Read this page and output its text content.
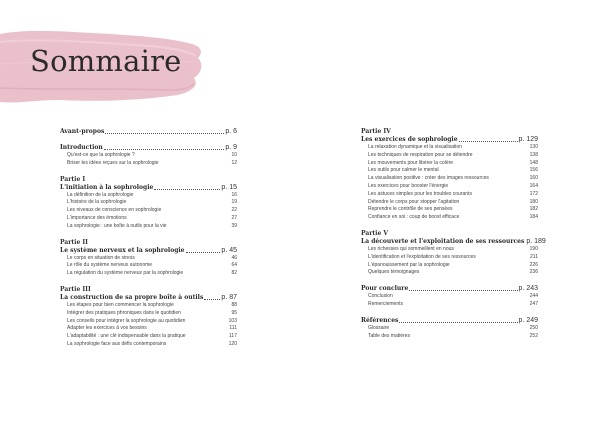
Sommaire
Avant-propos	p. 6
Introduction	p. 9
Qu'est-ce que la sophrologie ?	10
Briser les idées reçues sur la sophrologie	12
Partie I
L'initiation à la sophrologie	p. 15
La définition de la sophrologie	16
L'histoire de la sophrologie	19
Les niveaux de conscience en sophrologie	22
L'importance des émotions	27
La sophrologie : une boîte à outils pour la vie	39
Partie II
Le système nerveux et la sophrologie	p. 45
Le corps en situation de stress	46
Le rôle du système nerveux autonome	64
La régulation du système nerveux par la sophrologie	82
Partie III
La construction de sa propre boîte à outils	p. 87
Les étapes pour bien commencer la sophrologie	88
Intégrer des pratiques phroniques dans le quotidien	95
Les conseils pour intégrer la sophrologie au quotidien	103
Adapter les exercices à vos besoins	111
L'adaptabilité : une clé indispensable dans la pratique	117
La sophrologie face aux défis contemporains	120
Partie IV
Les exercices de sophrologie	p. 129
La relaxation dynamique et la visualisation	130
Les techniques de respiration pour se détendre	138
Les mouvements pour libérer la colère	148
Les outils pour calmer le mental	156
La visualisation positive : créer des images ressources	160
Les exercices pour booster l'énergie	164
Les astuces simples pour les troubles courants	172
Détendre le corps pour stopper l'agitation	180
Reprendre le contrôle de ses pensées	182
Confiance en soi : coup de boost efficace	184
Partie V
La découverte et l'exploitation de ses ressources p. 189
Les richesses qui sommeillent en nous	190
L'identification et l'exploitation de ses ressources	211
L'épanouissement par la sophrologie	226
Quelques témoignages	236
Pour conclure	p. 243
Conclusion	244
Remerciements	247
Références	p. 249
Glossaire	250
Table des matières	252
